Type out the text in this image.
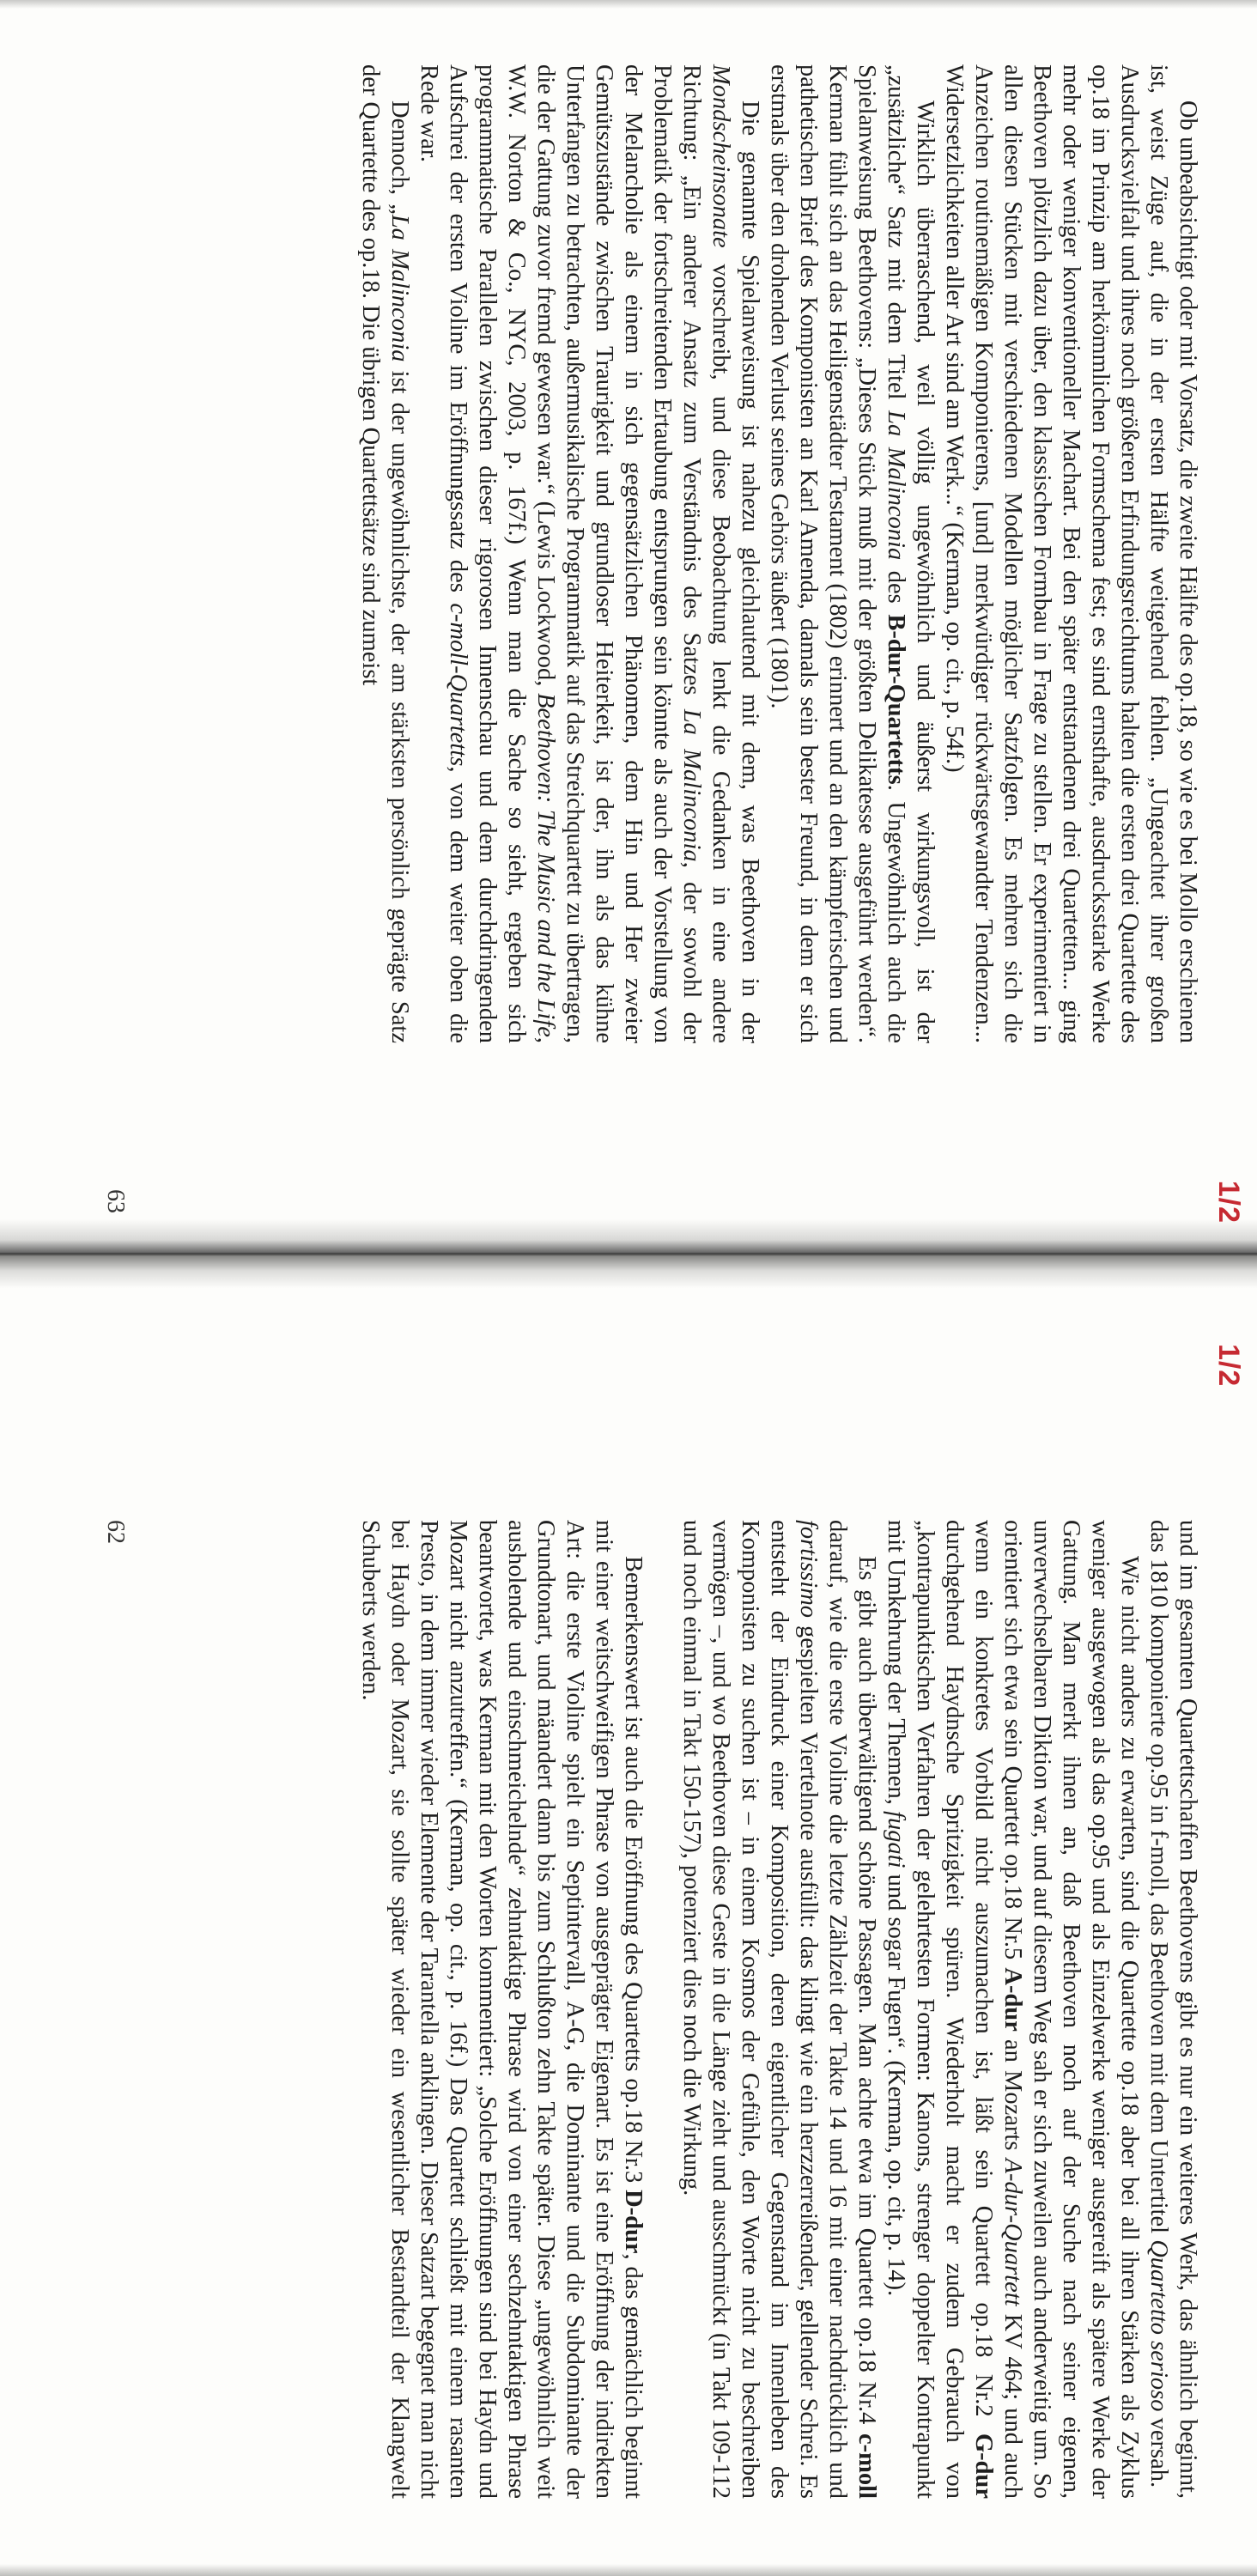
1/2

Ob unbeabsichtigt oder mit Vorsatz, die zweite Hälfte des op.18, so wie es bei Mollo erschienen ist, weist Züge auf, die in der ersten Hälfte weitgehend fehlen. „Ungeachtet ihrer großen Ausdrucksvielfalt und ihres noch größeren Erfindungsreichtums halten die ersten drei Quartette des op.18 im Prinzip am herkömmlichen Formschema fest; es sind ernsthafte, ausdrucksstarke Werke mehr oder weniger konventioneller Machart. Bei den später entstandenen drei Quartetten... ging Beethoven plötzlich dazu über, den klassischen Formbau in Frage zu stellen. Er experimentiert in allen diesen Stücken mit verschiedenen Modellen möglicher Satzfolgen. Es mehren sich die Anzeichen routinemäßigen Komponierens, [und] merkwürdiger rückwärtsgewandter Tendenzen... Widersetzlichkeiten aller Art sind am Werk...“ (Kerman, op. cit., p. 54f.)

Wirklich überraschend, weil völlig ungewöhnlich und äußerst wirkungsvoll, ist der „zusätzliche“ Satz mit dem Titel La Malinconia des B-dur-Quartetts. Ungewöhnlich auch die Spielanweisung Beethovens: „Dieses Stück muß mit der größten Delikatesse ausgeführt werden“. Kerman fühlt sich an das Heiligenstädter Testament (1802) erinnert und an den kämpferischen und pathetischen Brief des Komponisten an Karl Amenda, damals sein bester Freund, in dem er sich erstmals über den drohenden Verlust seines Gehörs äußert (1801).

Die genannte Spielanweisung ist nahezu gleichlautend mit dem, was Beethoven in der Mondscheinsonate vorschreibt, und diese Beobachtung lenkt die Gedanken in eine andere Richtung: „Ein anderer Ansatz zum Verständnis des Satzes La Malinconia, der sowohl der Problematik der fortschreitenden Ertaubung entsprungen sein könnte als auch der Vorstellung von der Melancholie als einem in sich gegensätzlichen Phänomen, dem Hin und Her zweier Gemütszustände zwischen Traurigkeit und grundloser Heiterkeit, ist der, ihn als das kühne Unterfangen zu betrachten, außermusikalische Programmatik auf das Streichquartett zu übertragen, die der Gattung zuvor fremd gewesen war.“ (Lewis Lockwood, Beethoven: The Music and the Life, W.W. Norton & Co., NYC, 2003, p. 167f.) Wenn man die Sache so sieht, ergeben sich programmatische Parallelen zwischen dieser rigorosen Innenschau und dem durchdringenden Aufschrei der ersten Violine im Eröffnungssatz des c-moll-Quartetts, von dem weiter oben die Rede war.

Dennoch, „La Malinconia ist der ungewöhnlichste, der am stärksten persönlich geprägte Satz der Quartette des op.18. Die übrigen Quartettsätze sind zumeist

63
1/2

und im gesamten Quartettschaffen Beethovens gibt es nur ein weiteres Werk, das ähnlich beginnt, das 1810 komponierte op.95 in f-moll, das Beethoven mit dem Untertitel Quartetto serioso versah.

Wie nicht anders zu erwarten, sind die Quartette op.18 aber bei all ihren Stärken als Zyklus weniger ausgewogen als das op.95 und als Einzelwerke weniger ausgereift als spätere Werke der Gattung. Man merkt ihnen an, daß Beethoven noch auf der Suche nach seiner eigenen, unverwechselbaren Diktion war, und auf diesem Weg sah er sich zuweilen auch anderweitig um. So orientiert sich etwa sein Quartett op.18 Nr.5 A-dur an Mozarts A-dur-Quartett KV 464; und auch wenn ein konkretes Vorbild nicht auszumachen ist, läßt sein Quartett op.18 Nr.2 G-dur durchgehend Haydnsche Spritzigkeit spüren. Wiederholt macht er zudem Gebrauch von „kontrapunktischen Verfahren der gelehrtesten Formen: Kanons, strenger doppelter Kontrapunkt mit Umkehrung der Themen, fugati und sogar Fugen“. (Kerman, op. cit, p. 14).

Es gibt auch überwältigend schöne Passagen. Man achte etwa im Quartett op.18 Nr.4 c-moll darauf, wie die erste Violine die letzte Zählzeit der Takte 14 und 16 mit einer nachdrücklich und fortissimo gespielten Viertelnote ausfüllt: das klingt wie ein herzzerreißender, gellender Schrei. Es entsteht der Eindruck einer Komposition, deren eigentlicher Gegenstand im Innenleben des Komponisten zu suchen ist – in einem Kosmos der Gefühle, den Worte nicht zu beschreiben vermögen –, und wo Beethoven diese Geste in die Länge zieht und ausschmückt (in Takt 109-112 und noch einmal in Takt 150-157), potenziert dies noch die Wirkung.

Bemerkenswert ist auch die Eröffnung des Quartetts op.18 Nr.3 D-dur, das gemächlich beginnt mit einer weitschweifigen Phrase von ausgeprägter Eigenart. Es ist eine Eröffnung der indirekten Art: die erste Violine spielt ein Septintervall, A-G, die Dominante und die Subdominante der Grundtonart, und mäandert dann bis zum Schlußton zehn Takte später. Diese „ungewöhnlich weit ausholende und einschmeichelnde“ zehntaktige Phrase wird von einer sechzehntaktigen Phrase beantwortet, was Kerman mit den Worten kommentiert: „Solche Eröffnungen sind bei Haydn und Mozart nicht anzutreffen.“ (Kerman, op. cit., p. 16f.) Das Quartett schließt mit einem rasanten Presto, in dem immer wieder Elemente der Tarantella anklingen. Dieser Satzart begegnet man nicht bei Haydn oder Mozart, sie sollte später wieder ein wesentlicher Bestandteil der Klangwelt Schuberts werden.

62
